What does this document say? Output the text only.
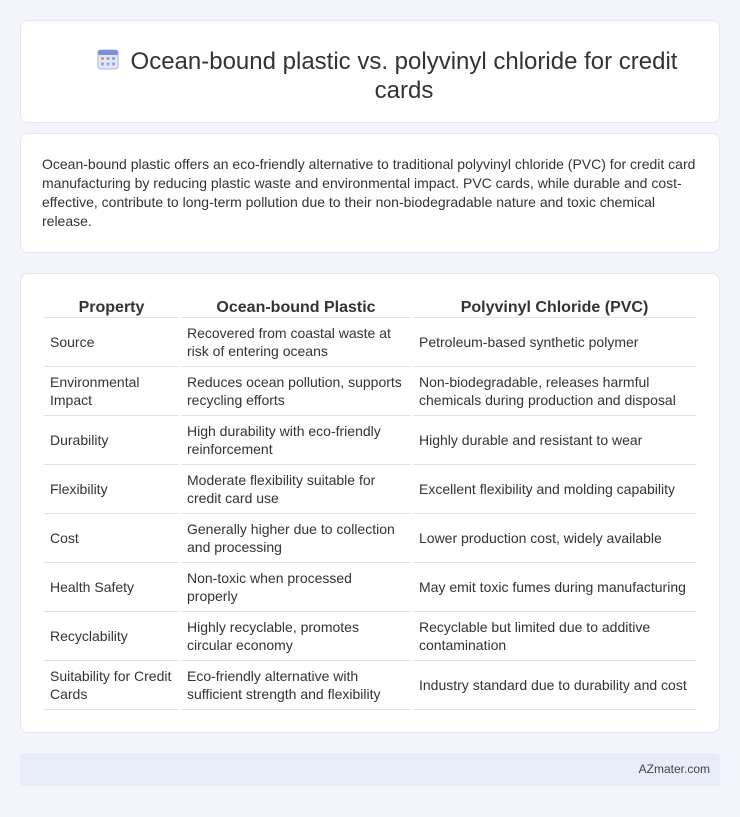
Ocean-bound plastic vs. polyvinyl chloride for credit cards

Ocean-bound plastic offers an eco-friendly alternative to traditional polyvinyl chloride (PVC) for credit card manufacturing by reducing plastic waste and environmental impact. PVC cards, while durable and cost-effective, contribute to long-term pollution due to their non-biodegradable nature and toxic chemical release.

Property	Ocean-bound Plastic	Polyvinyl Chloride (PVC)
Source	Recovered from coastal waste at risk of entering oceans	Petroleum-based synthetic polymer
Environmental Impact	Reduces ocean pollution, supports recycling efforts	Non-biodegradable, releases harmful chemicals during production and disposal
Durability	High durability with eco-friendly reinforcement	Highly durable and resistant to wear
Flexibility	Moderate flexibility suitable for credit card use	Excellent flexibility and molding capability
Cost	Generally higher due to collection and processing	Lower production cost, widely available
Health Safety	Non-toxic when processed properly	May emit toxic fumes during manufacturing
Recyclability	Highly recyclable, promotes circular economy	Recyclable but limited due to additive contamination
Suitability for Credit Cards	Eco-friendly alternative with sufficient strength and flexibility	Industry standard due to durability and cost
AZmater.com
